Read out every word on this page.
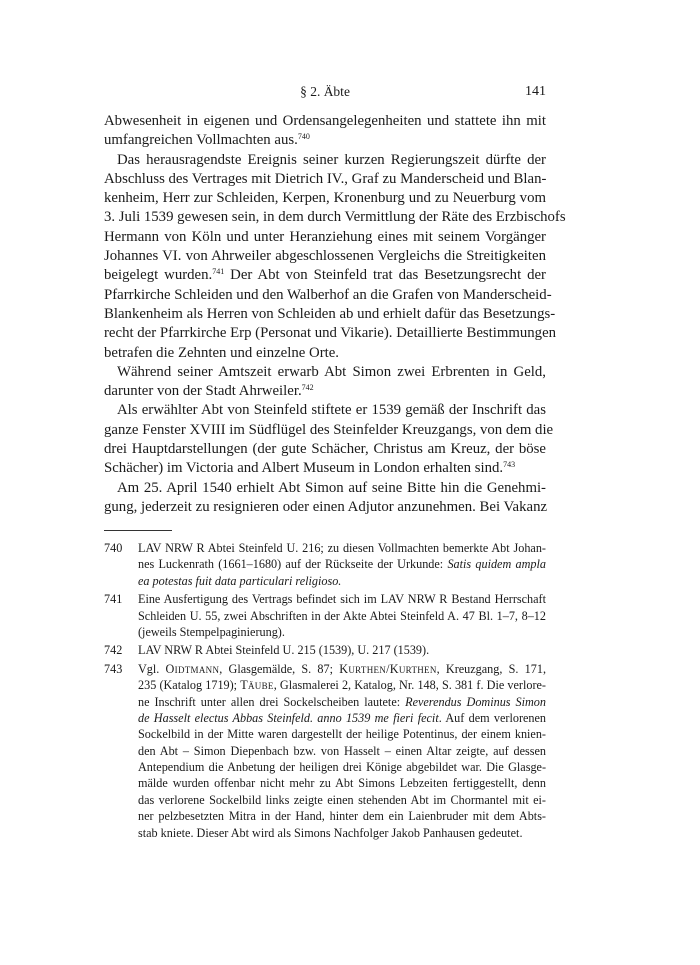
§ 2. Äbte	141
Abwesenheit in eigenen und Ordensangelegenheiten und stattete ihn mit
umfangreichen Vollmachten aus.$^{740}$
Das herausragendste Ereignis seiner kurzen Regierungszeit dürfte der
Abschluss des Vertrages mit Dietrich IV., Graf zu Manderscheid und Blan-
kenheim, Herr zur Schleiden, Kerpen, Kronenburg und zu Neuerburg vom
3. Juli 1539 gewesen sein, in dem durch Vermittlung der Räte des Erzbischofs
Hermann von Köln und unter Heranziehung eines mit seinem Vorgänger
Johannes VI. von Ahrweiler abgeschlossenen Vergleichs die Streitigkeiten
beigelegt wurden.$^{741}$ Der Abt von Steinfeld trat das Besetzungsrecht der
Pfarrkirche Schleiden und den Walberhof an die Grafen von Manderscheid-
Blankenheim als Herren von Schleiden ab und erhielt dafür das Besetzungs-
recht der Pfarrkirche Erp (Personat und Vikarie). Detaillierte Bestimmungen
betrafen die Zehnten und einzelne Orte.
Während seiner Amtszeit erwarb Abt Simon zwei Erbrenten in Geld,
darunter von der Stadt Ahrweiler.$^{742}$
Als erwählter Abt von Steinfeld stiftete er 1539 gemäß der Inschrift das
ganze Fenster XVIII im Südflügel des Steinfelder Kreuzgangs, von dem die
drei Hauptdarstellungen (der gute Schächer, Christus am Kreuz, der böse
Schächer) im Victoria and Albert Museum in London erhalten sind.$^{743}$
Am 25. April 1540 erhielt Abt Simon auf seine Bitte hin die Genehmi-
gung, jederzeit zu resignieren oder einen Adjutor anzunehmen. Bei Vakanz
740 LAV NRW R Abtei Steinfeld U. 216; zu diesen Vollmachten bemerkte Abt Johan-
nes Luckenrath (1661–1680) auf der Rückseite der Urkunde: Satis quidem ampla
ea potestas fuit data particulari religioso.
741 Eine Ausfertigung des Vertrags befindet sich im LAV NRW R Bestand Herrschaft
Schleiden U. 55, zwei Abschriften in der Akte Abtei Steinfeld A. 47 Bl. 1–7, 8–12
(jeweils Stempelpaginierung).
742 LAV NRW R Abtei Steinfeld U. 215 (1539), U. 217 (1539).
743 Vgl. Oidtmann, Glasgemälde, S. 87; Kurthen/Kurthen, Kreuzgang, S. 171,
235 (Katalog 1719); Täube, Glasmalerei 2, Katalog, Nr. 148, S. 381 f. Die verlore-
ne Inschrift unter allen drei Sockelscheiben lautete: Reverendus Dominus Simon
de Hasselt electus Abbas Steinfeld. anno 1539 me fieri fecit. Auf dem verlorenen
Sockelbild in der Mitte waren dargestellt der heilige Potentinus, der einem knien-
den Abt – Simon Diepenbach bzw. von Hasselt – einen Altar zeigte, auf dessen
Antependium die Anbetung der heiligen drei Könige abgebildet war. Die Glasge-
mälde wurden offenbar nicht mehr zu Abt Simons Lebzeiten fertiggestellt, denn
das verlorene Sockelbild links zeigte einen stehenden Abt im Chormantel mit ei-
ner pelzbesetzten Mitra in der Hand, hinter dem ein Laienbruder mit dem Abts-
stab kniete. Dieser Abt wird als Simons Nachfolger Jakob Panhausen gedeutet.
